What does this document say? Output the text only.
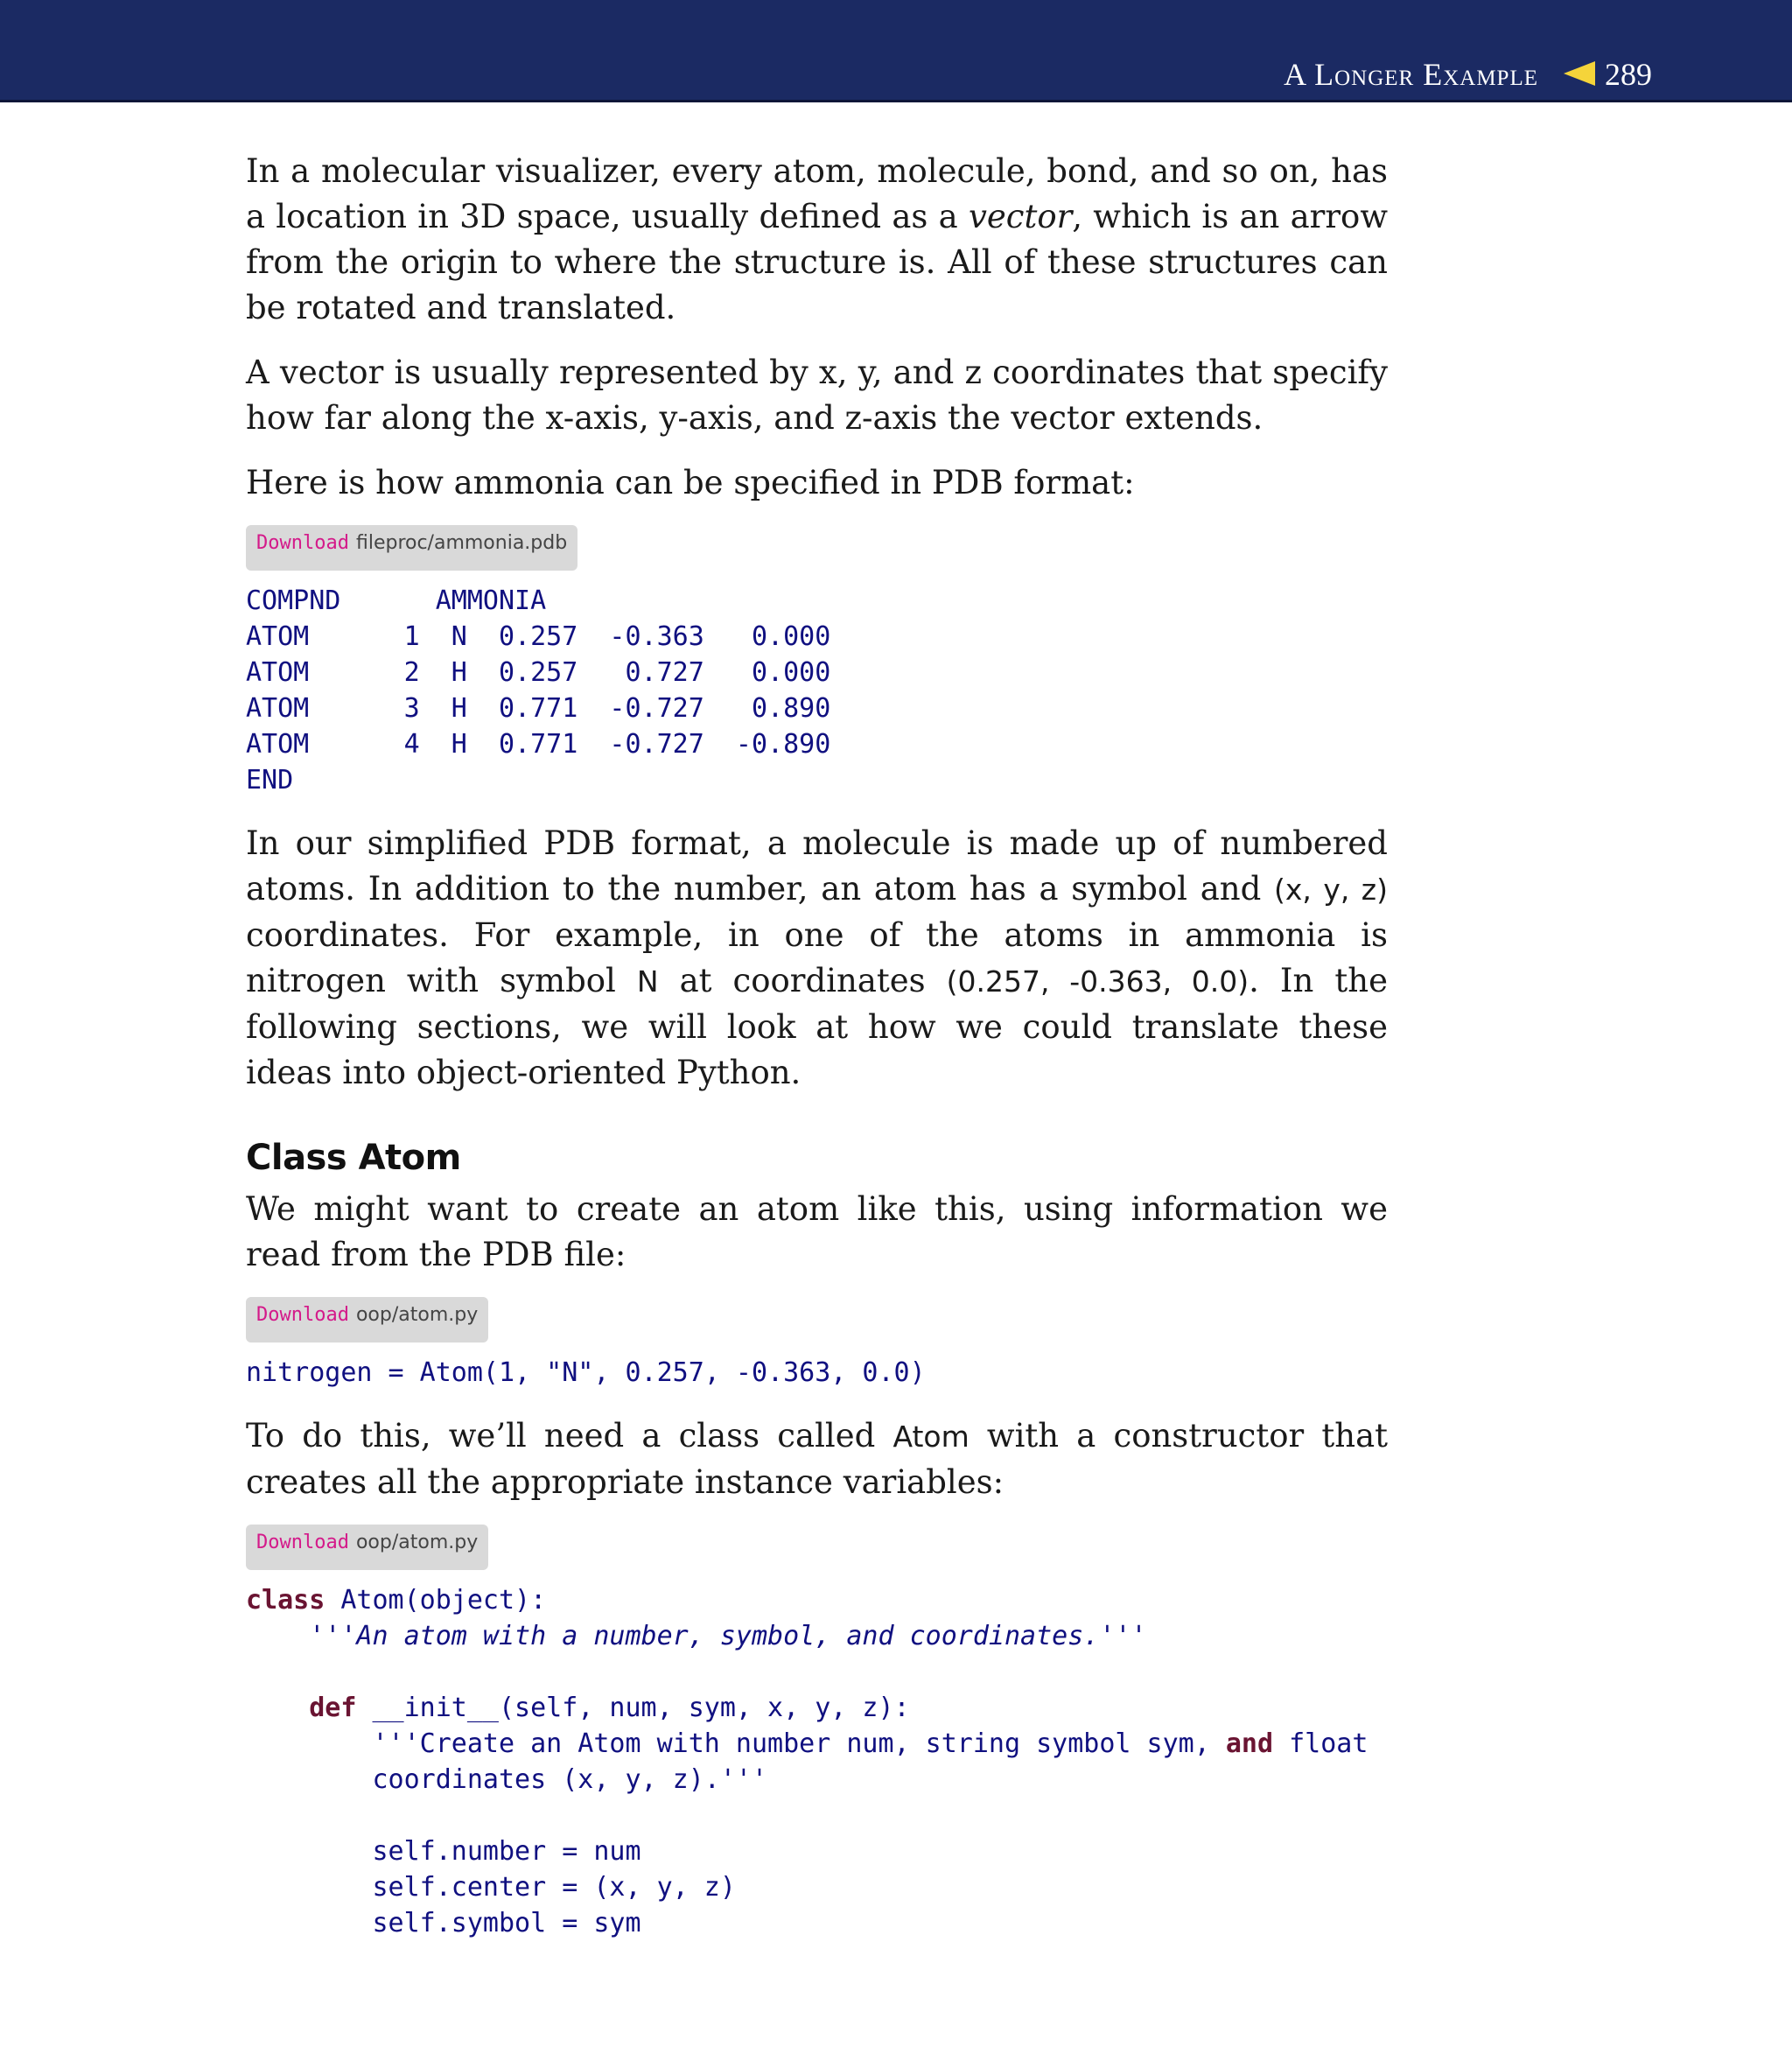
A Longer Example 289

In a molecular visualizer, every atom, molecule, bond, and so on, has a location in 3D space, usually defined as a vector, which is an arrow from the origin to where the structure is. All of these structures can be rotated and translated.

A vector is usually represented by x, y, and z coordinates that specify how far along the x-axis, y-axis, and z-axis the vector extends.

Here is how ammonia can be specified in PDB format:

Download fileproc/ammonia.pdb
COMPND      AMMONIA
ATOM      1  N  0.257  -0.363   0.000
ATOM      2  H  0.257   0.727   0.000
ATOM      3  H  0.771  -0.727   0.890
ATOM      4  H  0.771  -0.727  -0.890
END

In our simplified PDB format, a molecule is made up of numbered atoms. In addition to the number, an atom has a symbol and (x, y, z) coordinates. For example, in one of the atoms in ammonia is nitrogen with symbol N at coordinates (0.257, -0.363, 0.0). In the following sections, we will look at how we could translate these ideas into object-oriented Python.

Class Atom

We might want to create an atom like this, using information we read from the PDB file:

Download oop/atom.py
nitrogen = Atom(1, "N", 0.257, -0.363, 0.0)

To do this, we’ll need a class called Atom with a constructor that creates all the appropriate instance variables:

Download oop/atom.py
class Atom(object):
'''An atom with a number, symbol, and coordinates.'''

def __init__(self, num, sym, x, y, z):
'''Create an Atom with number num, string symbol sym, and float
coordinates (x, y, z).'''

self.number = num
self.center = (x, y, z)
self.symbol = sym
